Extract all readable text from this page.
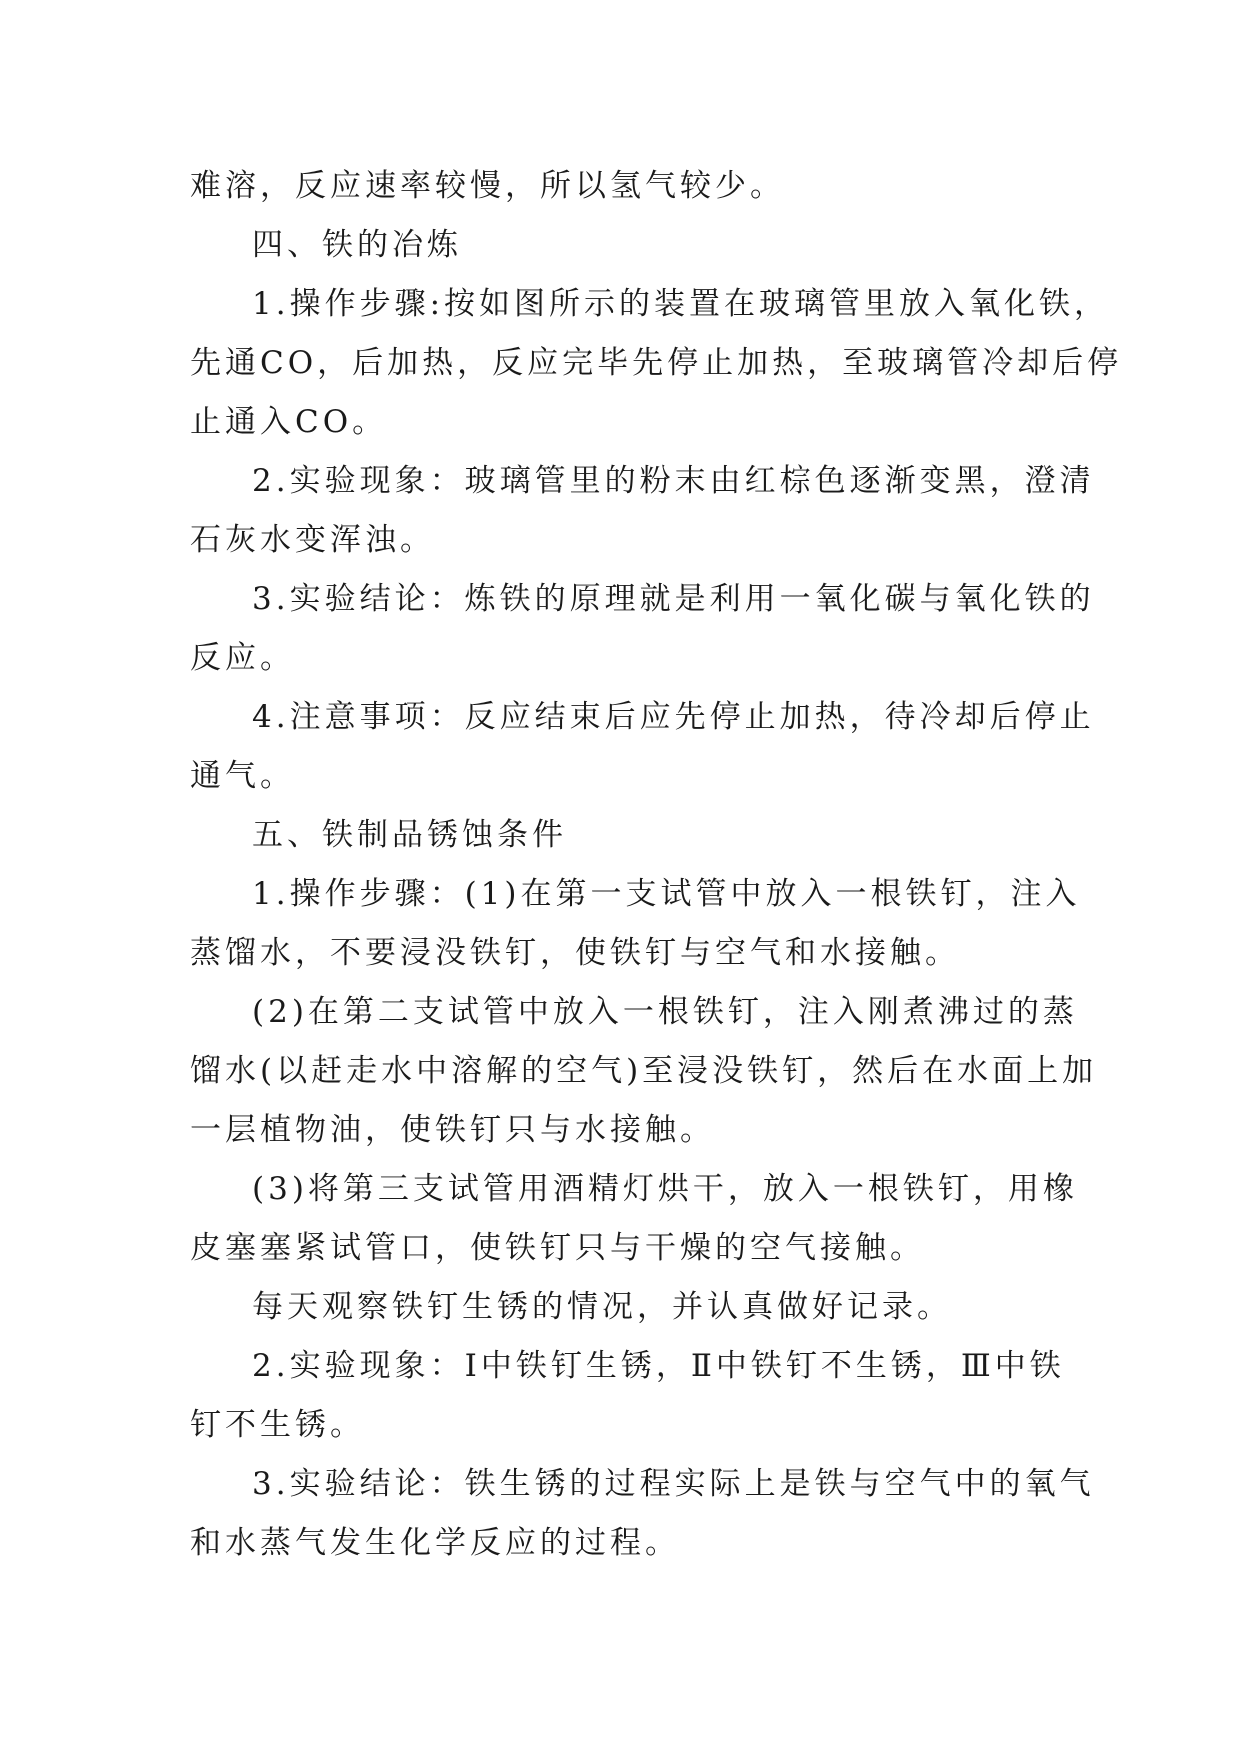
难溶，反应速率较慢，所以氢气较少。
四、铁的冶炼
1.操作步骤:按如图所示的装置在玻璃管里放入氧化铁，
先通CO，后加热，反应完毕先停止加热，至玻璃管冷却后停
止通入CO。
2.实验现象：玻璃管里的粉末由红棕色逐渐变黑，澄清
石灰水变浑浊。
3.实验结论：炼铁的原理就是利用一氧化碳与氧化铁的
反应。
4.注意事项：反应结束后应先停止加热，待冷却后停止
通气。
五、铁制品锈蚀条件
1.操作步骤：(1)在第一支试管中放入一根铁钉，注入
蒸馏水，不要浸没铁钉，使铁钉与空气和水接触。
(2)在第二支试管中放入一根铁钉，注入刚煮沸过的蒸
馏水(以赶走水中溶解的空气)至浸没铁钉，然后在水面上加
一层植物油，使铁钉只与水接触。
(3)将第三支试管用酒精灯烘干，放入一根铁钉，用橡
皮塞塞紧试管口，使铁钉只与干燥的空气接触。
每天观察铁钉生锈的情况，并认真做好记录。
2.实验现象：Ⅰ中铁钉生锈，Ⅱ中铁钉不生锈，Ⅲ中铁
钉不生锈。
3.实验结论：铁生锈的过程实际上是铁与空气中的氧气
和水蒸气发生化学反应的过程。
